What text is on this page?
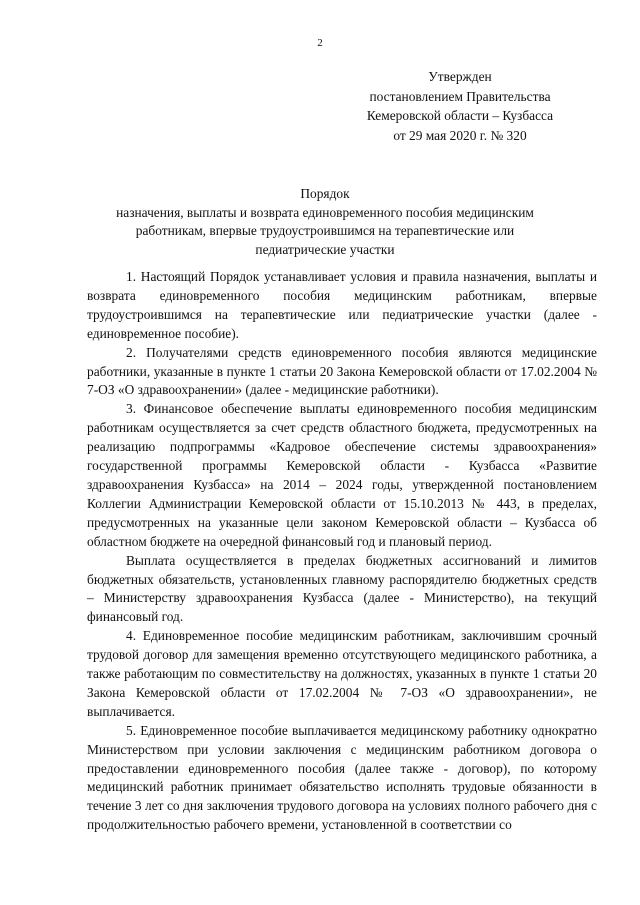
2
Утвержден
постановлением Правительства
Кемеровской области – Кузбасса
от 29 мая 2020 г. № 320
Порядок
назначения, выплаты и возврата единовременного пособия медицинским
работникам, впервые трудоустроившимся на терапевтические или
педиатрические участки

1. Настоящий Порядок устанавливает условия и правила назначения, выплаты и возврата единовременного пособия медицинским работникам, впервые трудоустроившимся на терапевтические или педиатрические участки (далее - единовременное пособие).

2. Получателями средств единовременного пособия являются медицинские работники, указанные в пункте 1 статьи 20 Закона Кемеровской области от 17.02.2004 № 7-ОЗ «О здравоохранении» (далее - медицинские работники).

3. Финансовое обеспечение выплаты единовременного пособия медицинским работникам осуществляется за счет средств областного бюджета, предусмотренных на реализацию подпрограммы «Кадровое обеспечение системы здравоохранения» государственной программы Кемеровской области - Кузбасса «Развитие здравоохранения Кузбасса» на 2014 – 2024 годы, утвержденной постановлением Коллегии Администрации Кемеровской области от 15.10.2013 № 443, в пределах, предусмотренных на указанные цели законом Кемеровской области – Кузбасса об областном бюджете на очередной финансовый год и плановый период.

Выплата осуществляется в пределах бюджетных ассигнований и лимитов бюджетных обязательств, установленных главному распорядителю бюджетных средств – Министерству здравоохранения Кузбасса (далее - Министерство), на текущий финансовый год.

4. Единовременное пособие медицинским работникам, заключившим срочный трудовой договор для замещения временно отсутствующего медицинского работника, а также работающим по совместительству на должностях, указанных в пункте 1 статьи 20 Закона Кемеровской области от 17.02.2004 № 7-ОЗ «О здравоохранении», не выплачивается.

5. Единовременное пособие выплачивается медицинскому работнику однократно Министерством при условии заключения с медицинским работником договора о предоставлении единовременного пособия (далее также - договор), по которому медицинский работник принимает обязательство исполнять трудовые обязанности в течение 3 лет со дня заключения трудового договора на условиях полного рабочего дня с продолжительностью рабочего времени, установленной в соответствии со
